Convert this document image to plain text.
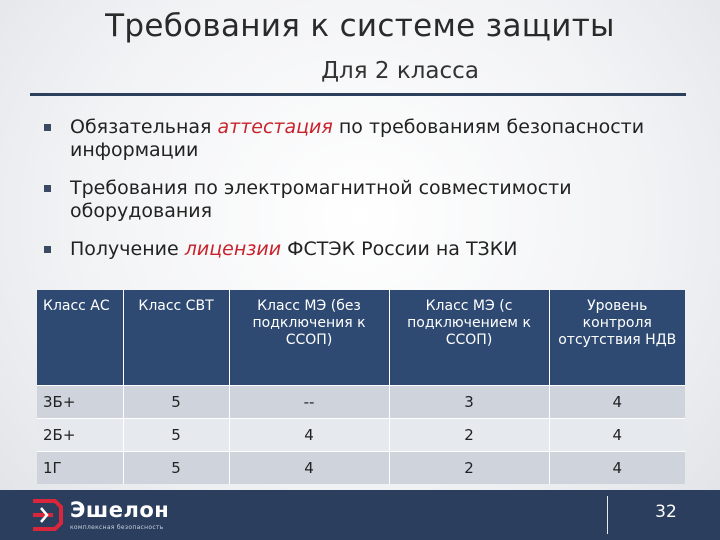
Требования к системе защиты
Для 2 класса
Обязательная аттестация по требованиям безопасности информации
Требования по электромагнитной совместимости оборудования
Получение лицензии ФСТЭК России на ТЗКИ
Класс АС	Класс СВТ	Класс МЭ (без подключения к ССОП)	Класс МЭ (с подключением к ССОП)	Уровень контроля отсутствия НДВ
3Б+	5	--	3	4
2Б+	5	4	2	4
1Г	5	4	2	4
Эшелон
комплексная безопасность
32
